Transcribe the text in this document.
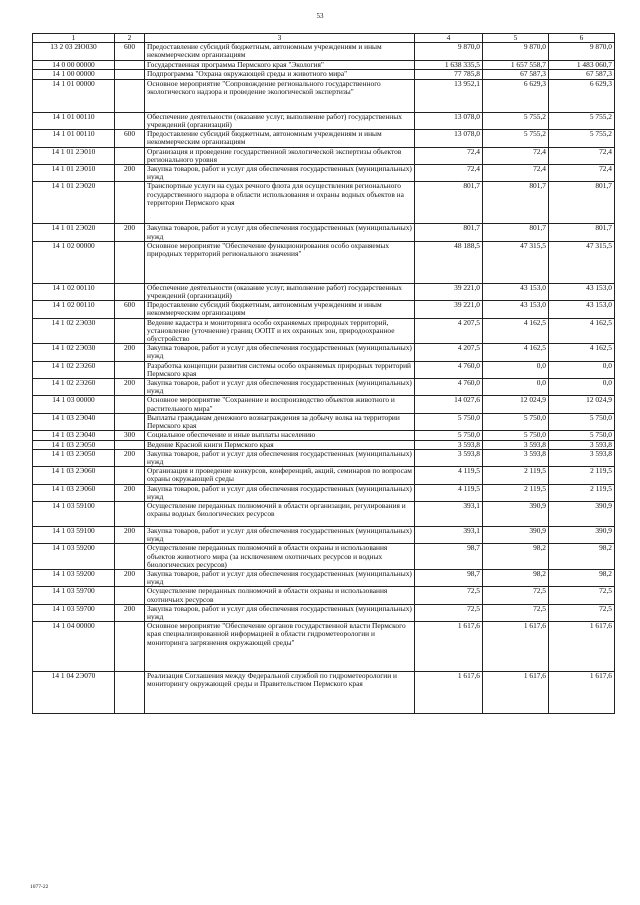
53
1	2	3	4	5	6
13 2 03 2Ю030	600	Предоставление субсидий бюджетным, автономным учреждениям и иным некоммерческим организациям	9 870,0	9 870,0	9 870,0
14 0 00 00000		Государственная программа Пермского края "Экология"	1 638 335,5	1 657 558,7	1 483 060,7
14 1 00 00000		Подпрограмма "Охрана окружающей среды и животного мира"	77 785,8	67 587,3	67 587,3
14 1 01 00000		Основное мероприятие "Сопровождение регионального государственного экологического надзора и проведение экологической экспертизы"	13 952,1	6 629,3	6 629,3
14 1 01 00110		Обеспечение деятельности (оказание услуг, выполнение работ) государственных учреждений (организаций)	13 078,0	5 755,2	5 755,2
14 1 01 00110	600	Предоставление субсидий бюджетным, автономным учреждениям и иным некоммерческим организациям	13 078,0	5 755,2	5 755,2
14 1 01 2Э010		Организация и проведение государственной экологической экспертизы объектов регионального уровня	72,4	72,4	72,4
14 1 01 2Э010	200	Закупка товаров, работ и услуг для обеспечения государственных (муниципальных) нужд	72,4	72,4	72,4
14 1 01 2Э020		Транспортные услуги на судах речного флота для осуществления регионального государственного надзора в области использования и охраны водных объектов на территории Пермского края	801,7	801,7	801,7
14 1 01 2Э020	200	Закупка товаров, работ и услуг для обеспечения государственных (муниципальных) нужд	801,7	801,7	801,7
14 1 02 00000		Основное мероприятие "Обеспечение функционирования особо охраняемых природных территорий регионального значения"	48 188,5	47 315,5	47 315,5
14 1 02 00110		Обеспечение деятельности (оказание услуг, выполнение работ) государственных учреждений (организаций)	39 221,0	43 153,0	43 153,0
14 1 02 00110	600	Предоставление субсидий бюджетным, автономным учреждениям и иным некоммерческим организациям	39 221,0	43 153,0	43 153,0
14 1 02 2Э030		Ведение кадастра и мониторинга особо охраняемых природных территорий, установление (уточнение) границ ООПТ и их охранных зон, природоохранное обустройство	4 207,5	4 162,5	4 162,5
14 1 02 2Э030	200	Закупка товаров, работ и услуг для обеспечения государственных (муниципальных) нужд	4 207,5	4 162,5	4 162,5
14 1 02 2Э260		Разработка концепции развития системы особо охраняемых природных территорий Пермского края	4 760,0	0,0	0,0
14 1 02 2Э260	200	Закупка товаров, работ и услуг для обеспечения государственных (муниципальных) нужд	4 760,0	0,0	0,0
14 1 03 00000		Основное мероприятие "Сохранение и воспроизводство объектов животного и растительного мира"	14 027,6	12 024,9	12 024,9
14 1 03 2Э040		Выплаты гражданам денежного вознаграждения за добычу волка на территории Пермского края	5 750,0	5 750,0	5 750,0
14 1 03 2Э040	300	Социальное обеспечение и иные выплаты населению	5 750,0	5 750,0	5 750,0
14 1 03 2Э050		Ведение Красной книги Пермского края	3 593,8	3 593,8	3 593,8
14 1 03 2Э050	200	Закупка товаров, работ и услуг для обеспечения государственных (муниципальных) нужд	3 593,8	3 593,8	3 593,8
14 1 03 2Э060		Организация и проведение конкурсов, конференций, акций, семинаров по вопросам охраны окружающей среды	4 119,5	2 119,5	2 119,5
14 1 03 2Э060	200	Закупка товаров, работ и услуг для обеспечения государственных (муниципальных) нужд	4 119,5	2 119,5	2 119,5
14 1 03 59100		Осуществление переданных полномочий в области организации, регулирования и охраны водных биологических ресурсов	393,1	390,9	390,9
14 1 03 59100	200	Закупка товаров, работ и услуг для обеспечения государственных (муниципальных) нужд	393,1	390,9	390,9
14 1 03 59200		Осуществление переданных полномочий в области охраны и использования объектов животного мира (за исключением охотничьих ресурсов и водных биологических ресурсов)	98,7	98,2	98,2
14 1 03 59200	200	Закупка товаров, работ и услуг для обеспечения государственных (муниципальных) нужд	98,7	98,2	98,2
14 1 03 59700		Осуществление переданных полномочий в области охраны и использования охотничьих ресурсов	72,5	72,5	72,5
14 1 03 59700	200	Закупка товаров, работ и услуг для обеспечения государственных (муниципальных) нужд	72,5	72,5	72,5
14 1 04 00000		Основное мероприятие "Обеспечение органов государственной власти Пермского края специализированной информацией в области гидрометеорологии и мониторинга загрязнения окружающей среды"	1 617,6	1 617,6	1 617,6
14 1 04 2Э070		Реализация Соглашения между Федеральной службой по гидрометеорологии и мониторингу окружающей среды и Правительством Пермского края	1 617,6	1 617,6	1 617,6
1077-22
